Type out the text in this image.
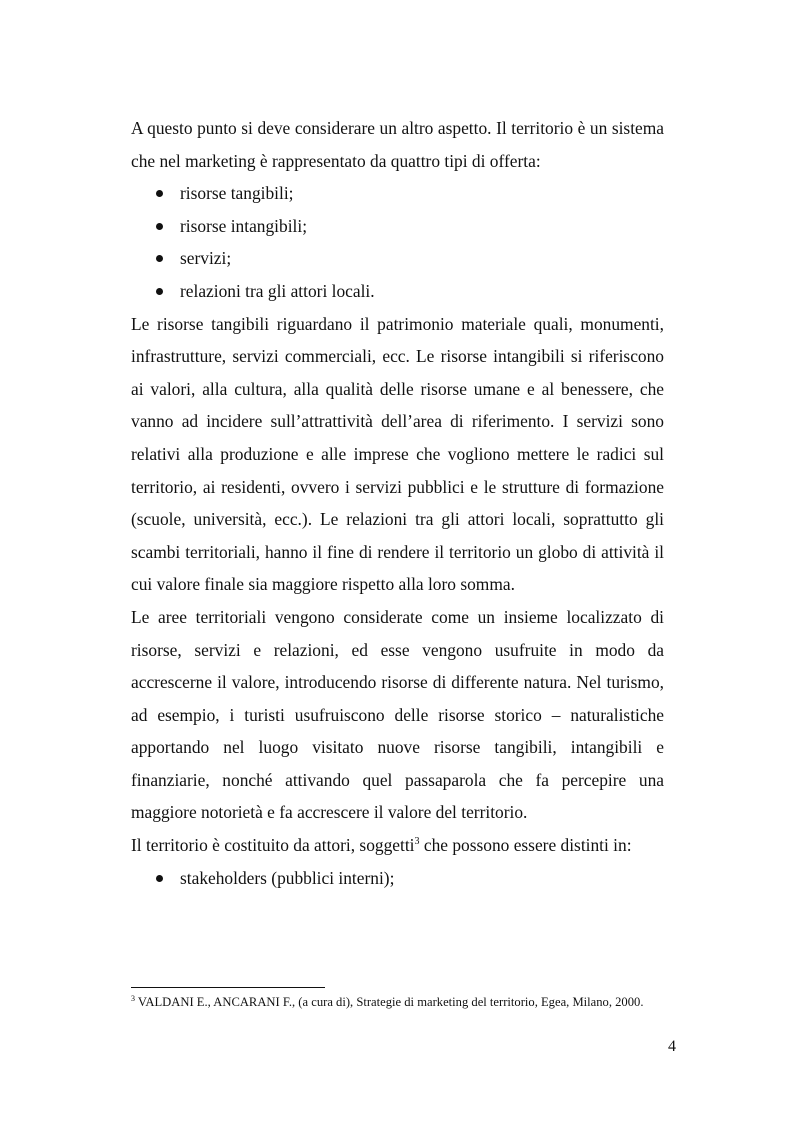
A questo punto si deve considerare un altro aspetto. Il territorio è un sistema che nel marketing è rappresentato da quattro tipi di offerta:

risorse tangibili;
risorse intangibili;
servizi;
relazioni tra gli attori locali.

Le risorse tangibili riguardano il patrimonio materiale quali, monumenti, infrastrutture, servizi commerciali, ecc. Le risorse intangibili si riferiscono ai valori, alla cultura, alla qualità delle risorse umane e al benessere, che vanno ad incidere sull’attrattività dell’area di riferimento. I servizi sono relativi alla produzione e alle imprese che vogliono mettere le radici sul territorio, ai residenti, ovvero i servizi pubblici e le strutture di formazione (scuole, università, ecc.). Le relazioni tra gli attori locali, soprattutto gli scambi territoriali, hanno il fine di rendere il territorio un globo di attività il cui valore finale sia maggiore rispetto alla loro somma.

Le aree territoriali vengono considerate come un insieme localizzato di risorse, servizi e relazioni, ed esse vengono usufruite in modo da accrescerne il valore, introducendo risorse di differente natura. Nel turismo, ad esempio, i turisti usufruiscono delle risorse storico – naturalistiche apportando nel luogo visitato nuove risorse tangibili, intangibili e finanziarie, nonché attivando quel passaparola che fa percepire una maggiore notorietà e fa accrescere il valore del territorio.

Il territorio è costituito da attori, soggetti$^3$ che possono essere distinti in:

stakeholders (pubblici interni);
$^3$ VALDANI E., ANCARANI F., (a cura di), Strategie di marketing del territorio, Egea, Milano, 2000.
4
